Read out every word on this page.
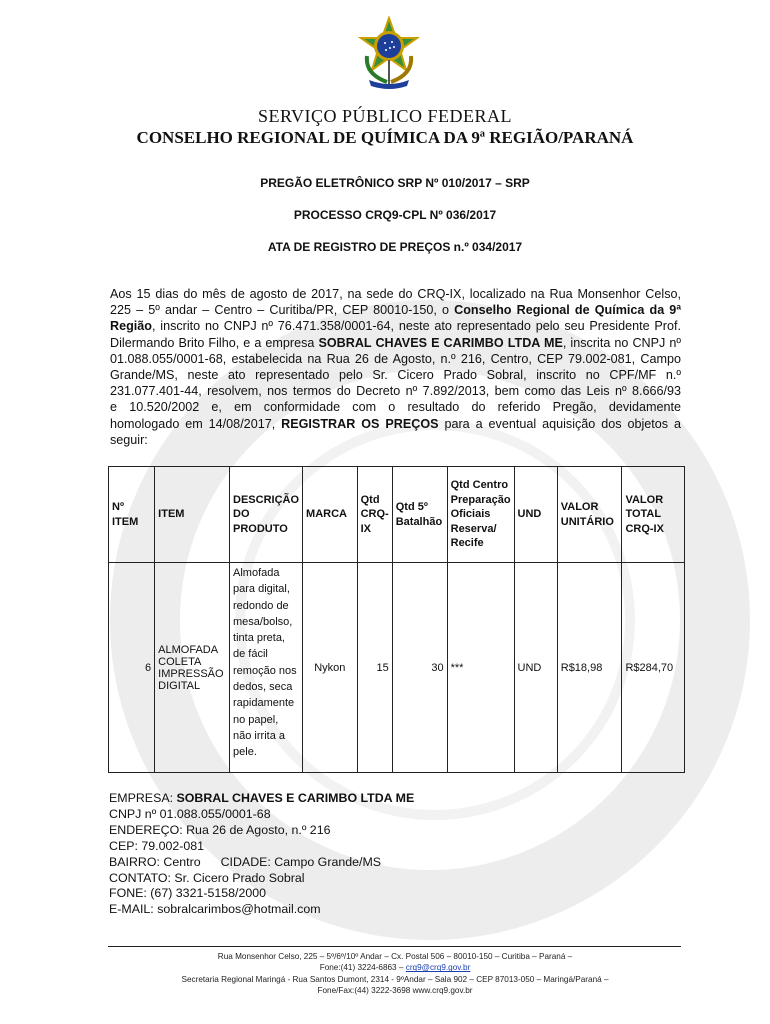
SERVIÇO PÚBLICO FEDERAL
CONSELHO REGIONAL DE QUÍMICA DA 9ª REGIÃO/PARANÁ
PREGÃO ELETRÔNICO SRP Nº 010/2017 – SRP
PROCESSO CRQ9-CPL Nº 036/2017
ATA DE REGISTRO DE PREÇOS n.º 034/2017
Aos 15 dias do mês de agosto de 2017, na sede do CRQ-IX, localizado na Rua Monsenhor Celso,
225 – 5º andar – Centro – Curitiba/PR, CEP 80010-150, o Conselho Regional de Química da 9ª
Região, inscrito no CNPJ nº 76.471.358/0001-64, neste ato representado pelo seu Presidente Prof.
Dilermando Brito Filho, e a empresa SOBRAL CHAVES E CARIMBO LTDA ME, inscrita no CNPJ nº
01.088.055/0001-68, estabelecida na Rua 26 de Agosto, n.º 216, Centro, CEP 79.002-081, Campo
Grande/MS, neste ato representado pelo Sr. Cicero Prado Sobral, inscrito no CPF/MF n.º
231.077.401-44, resolvem, nos termos do Decreto nº 7.892/2013, bem como das Leis nº 8.666/93
e 10.520/2002 e, em conformidade com o resultado do referido Pregão, devidamente
homologado em 14/08/2017, REGISTRAR OS PREÇOS para a eventual aquisição dos objetos a
seguir:
Nº ITEM	ITEM	DESCRIÇÃO DO PRODUTO	MARCA	Qtd CRQ-IX	Qtd 5º Batalhão	Qtd Centro Preparação Oficiais Reserva/ Recife	UND	VALOR UNITÁRIO	VALOR TOTAL CRQ-IX
6	ALMOFADA COLETA IMPRESSÃO DIGITAL	Almofada para digital, redondo de mesa/bolso, tinta preta, de fácil remoção nos dedos, seca rapidamente no papel, não irrita a pele.	Nykon	15	30	***	UND	R$18,98	R$284,70
EMPRESA: SOBRAL CHAVES E CARIMBO LTDA ME
CNPJ nº 01.088.055/0001-68
ENDEREÇO: Rua 26 de Agosto, n.º 216
CEP: 79.002-081
BAIRRO: Centro CIDADE: Campo Grande/MS
CONTATO: Sr. Cicero Prado Sobral
FONE: (67) 3321-5158/2000
E-MAIL: sobralcarimbos@hotmail.com
Rua Monsenhor Celso, 225 – 5º/6º/10º Andar – Cx. Postal 506 – 80010-150 – Curitiba – Paraná –
Fone:(41) 3224-6863 – crq9@crq9.gov.br
Secretaria Regional Maringá - Rua Santos Dumont, 2314 - 9ºAndar – Sala 902 – CEP 87013-050 – Maringá/Paraná –
Fone/Fax:(44) 3222-3698 www.crq9.gov.br
